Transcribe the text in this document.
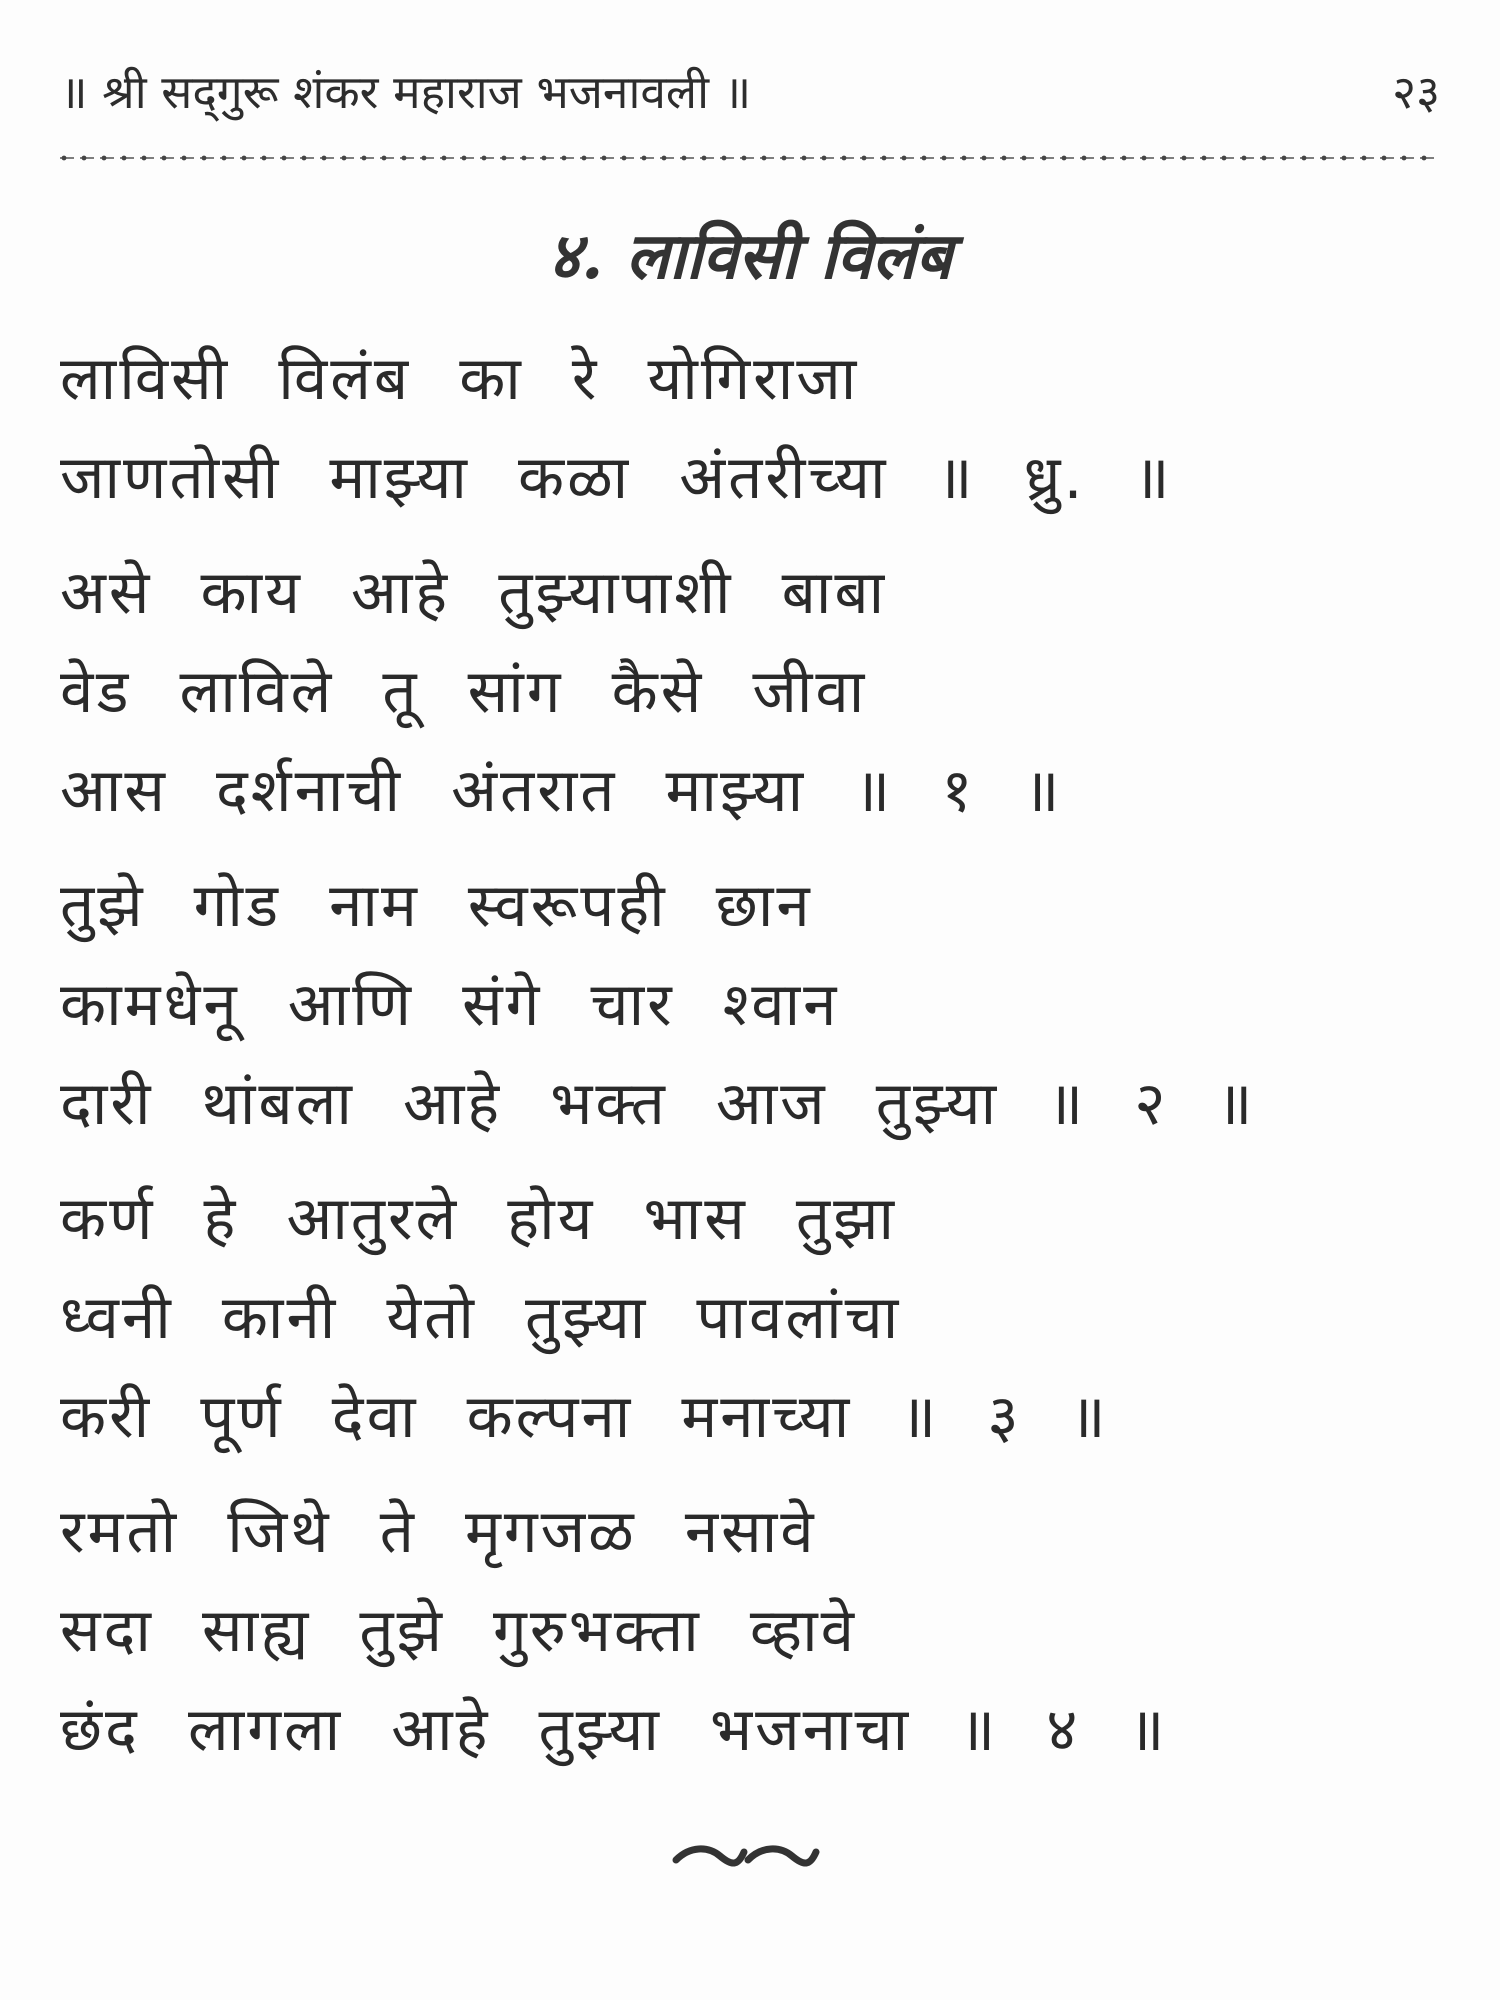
॥ श्री सद्‌गुरू शंकर महाराज भजनावली ॥	२३
४. लाविसी विलंब
लाविसी विलंब का रे योगिराजा
जाणतोसी माझ्या कळा अंतरीच्या ॥ ध्रु. ॥
असे काय आहे तुझ्यापाशी बाबा
वेड लाविले तू सांग कैसे जीवा
आस दर्शनाची अंतरात माझ्या ॥ १ ॥
तुझे गोड नाम स्वरूपही छान
कामधेनू आणि संगे चार श्वान
दारी थांबला आहे भक्त आज तुझ्या ॥ २ ॥
कर्ण हे आतुरले होय भास तुझा
ध्वनी कानी येतो तुझ्या पावलांचा
करी पूर्ण देवा कल्पना मनाच्या ॥ ३ ॥
रमतो जिथे ते मृगजळ नसावे
सदा साह्य तुझे गुरुभक्ता व्हावे
छंद लागला आहे तुझ्या भजनाचा ॥ ४ ॥
